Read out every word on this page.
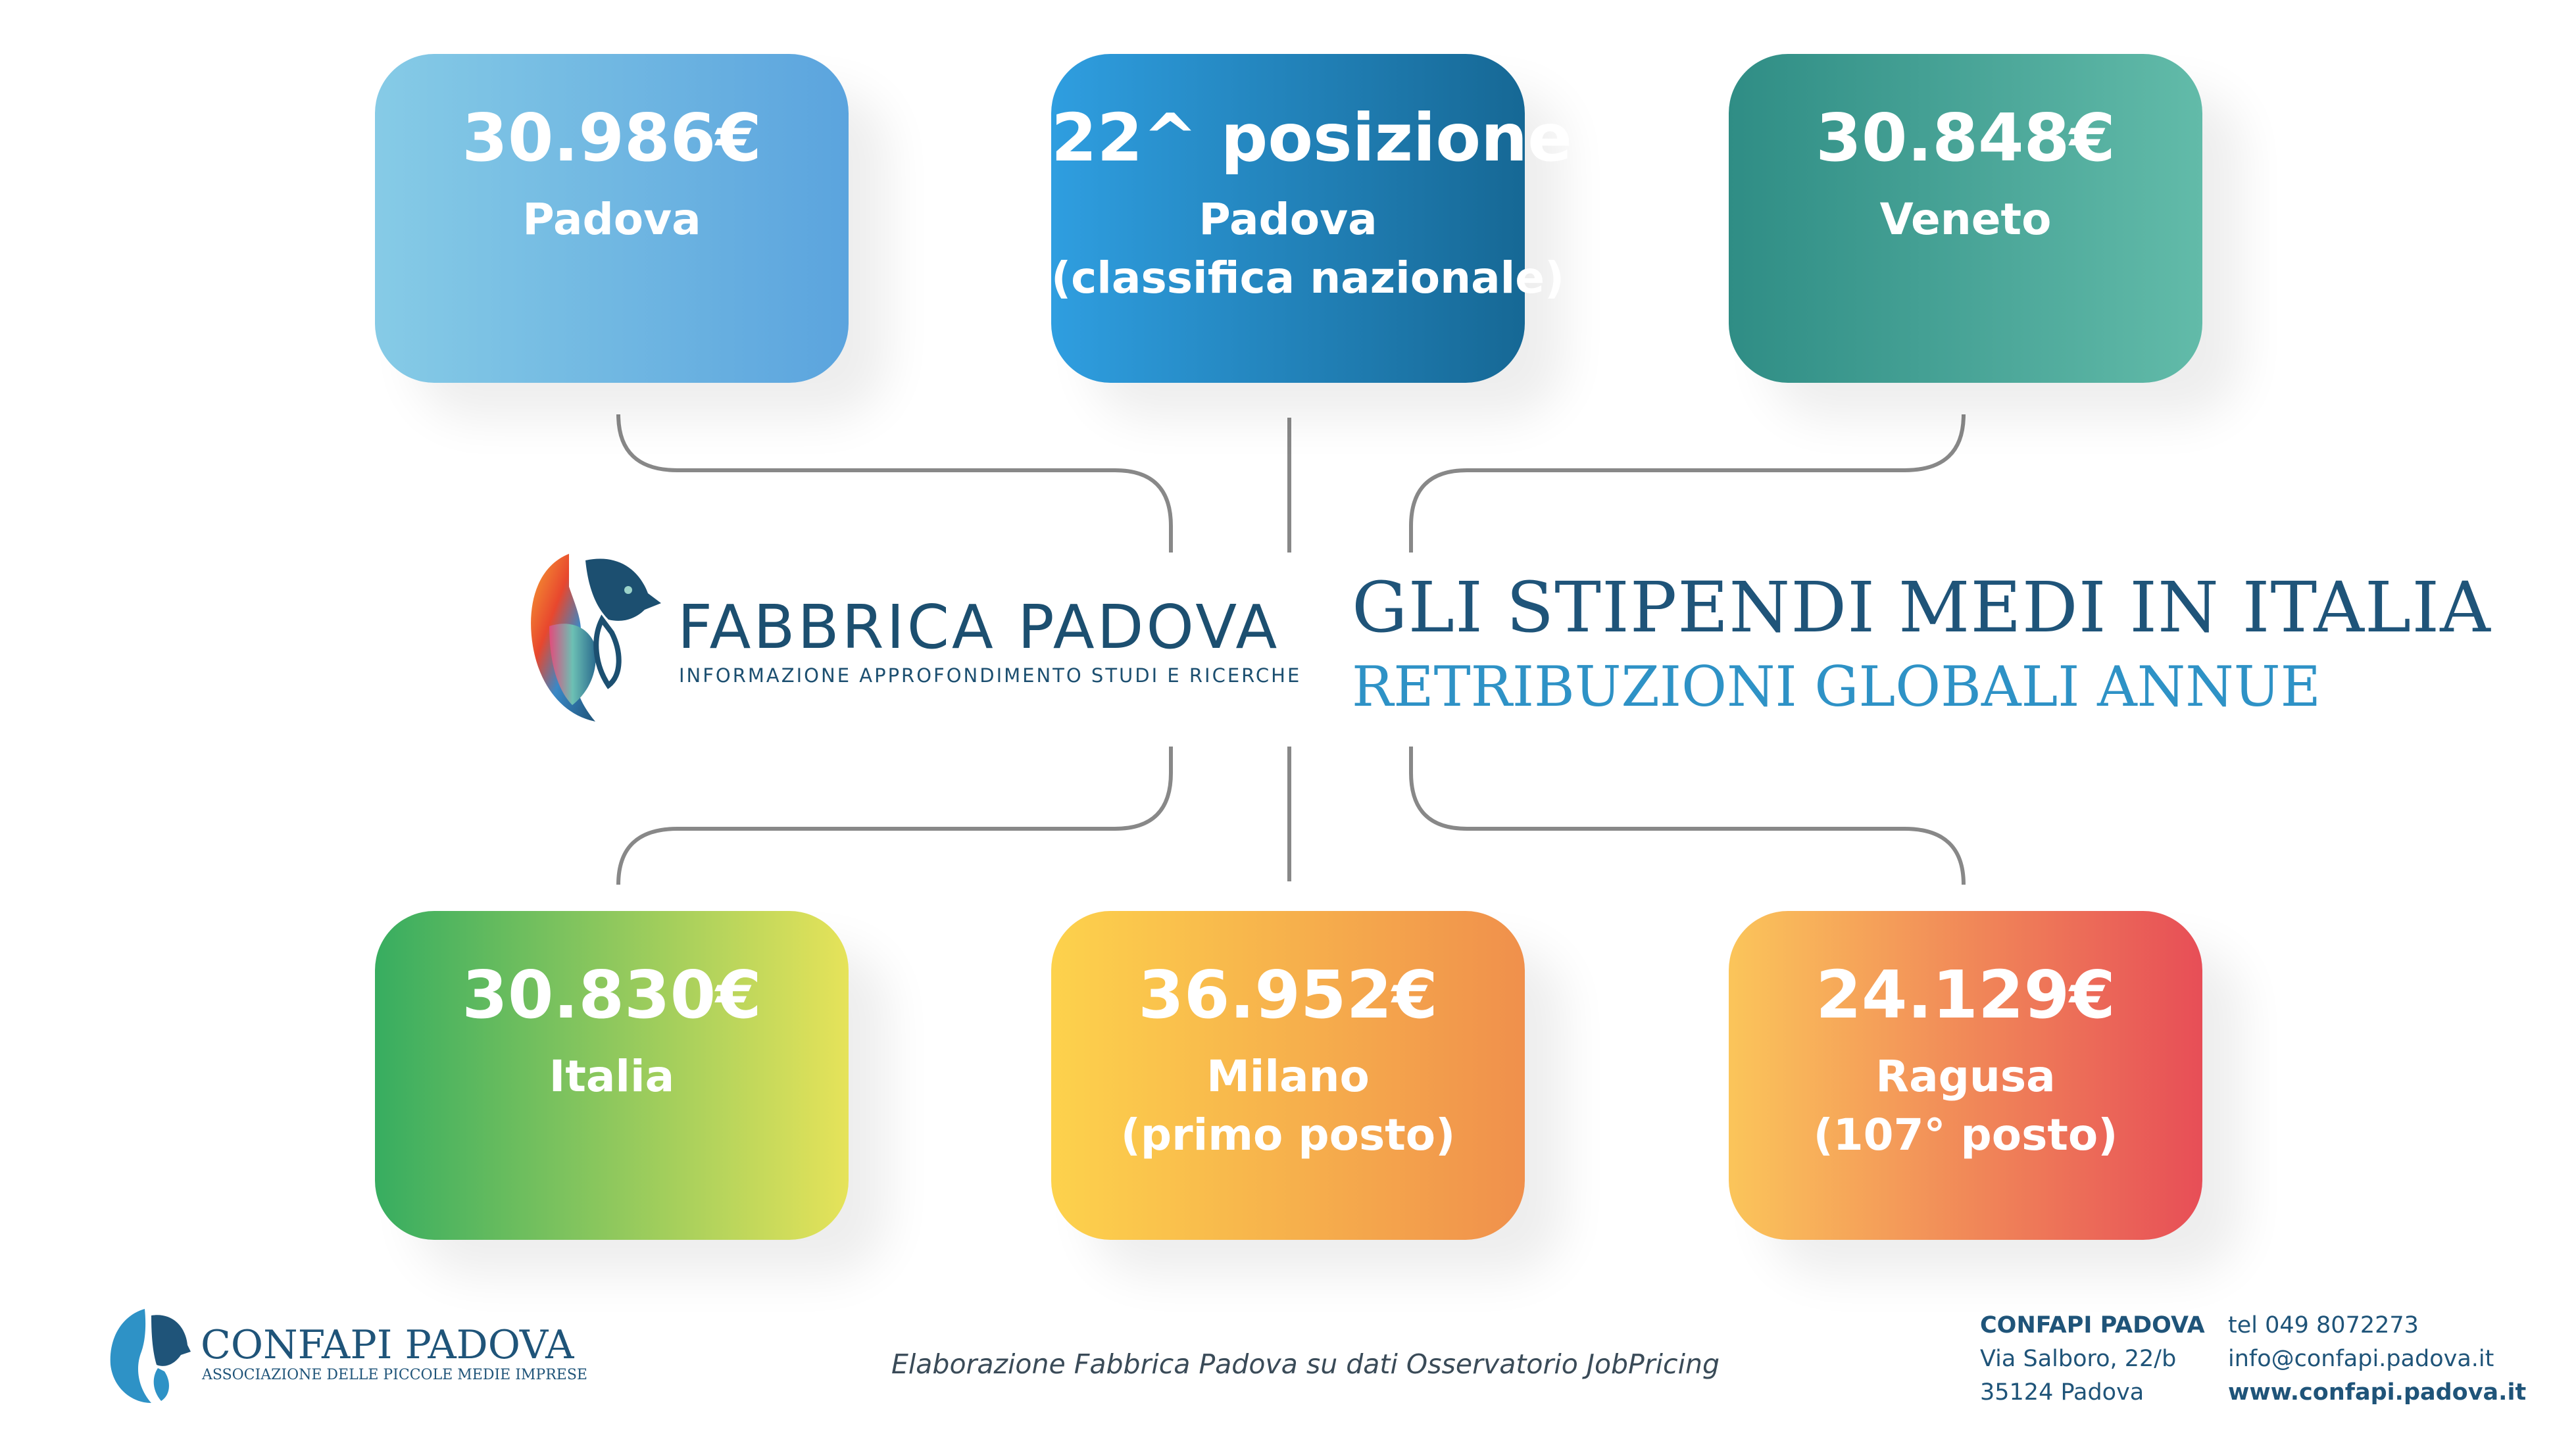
30.986€
Padova
22^ posizione
Padova
(classifica nazionale)
30.848€
Veneto
30.830€
Italia
36.952€
Milano
(primo posto)
24.129€
Ragusa
(107° posto)
FABBRICA PADOVA
INFORMAZIONE APPROFONDIMENTO STUDI E RICERCHE
GLI STIPENDI MEDI IN ITALIA
RETRIBUZIONI GLOBALI ANNUE
CONFAPI PADOVA
ASSOCIAZIONE DELLE PICCOLE MEDIE IMPRESE	Elaborazione Fabbrica Padova su dati Osservatorio JobPricing
CONFAPI PADOVA
Via Salboro, 22/b
35124 Padova
tel 049 8072273
info@confapi.padova.it
www.confapi.padova.it
